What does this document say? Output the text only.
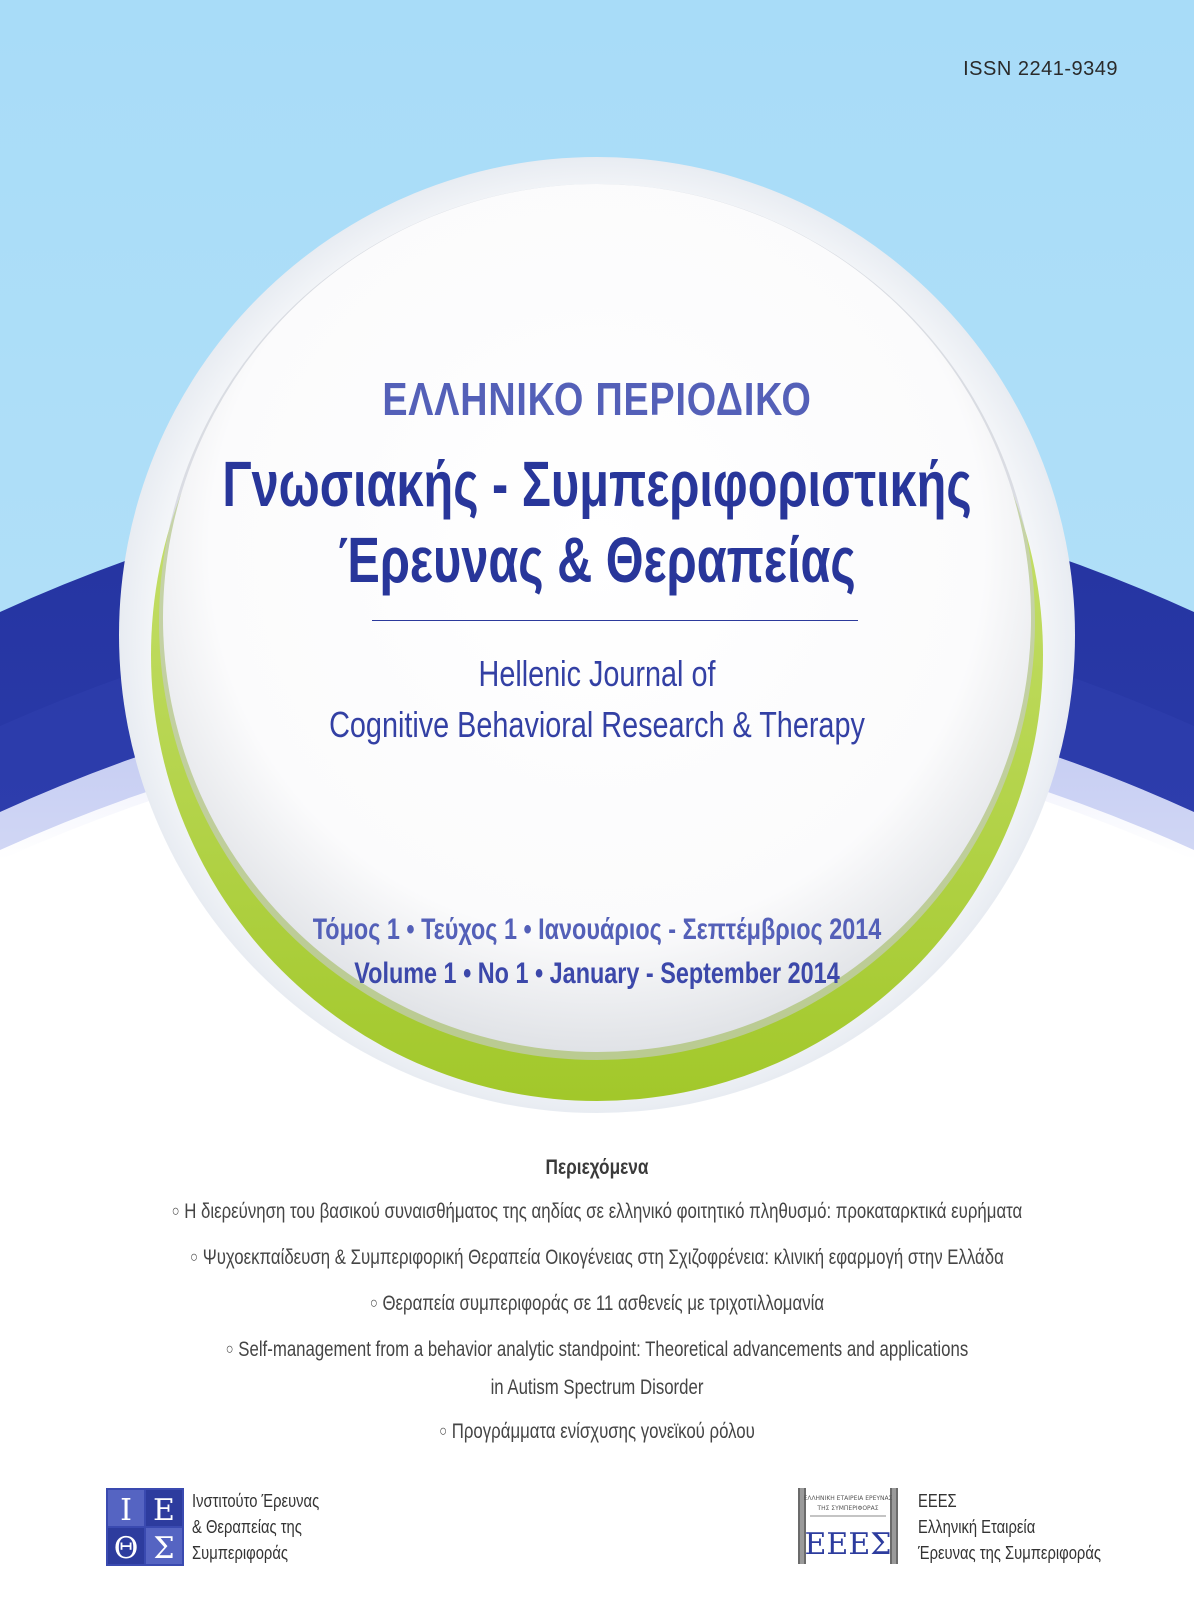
ISSN 2241-9349
ΕΛΛΗΝΙΚΟ ΠΕΡΙΟΔΙΚΟ
Γνωσιακής - Συμπεριφοριστικής
Έρευνας & Θεραπείας
Hellenic Journal of
Cognitive Behavioral Research & Therapy
Τόμος 1 • Τεύχος 1 • Ιανουάριος - Σεπτέμβριος 2014
Volume 1 • No 1 • January - September 2014
Περιεχόμενα
○ Η διερεύνηση του βασικού συναισθήματος της αηδίας σε ελληνικό φοιτητικό πληθυσμό: προκαταρκτικά ευρήματα
○ Ψυχοεκπαίδευση & Συμπεριφορική Θεραπεία Οικογένειας στη Σχιζοφρένεια: κλινική εφαρμογή στην Ελλάδα
○ Θεραπεία συμπεριφοράς σε 11 ασθενείς με τριχοτιλλομανία
○ Self-management from a behavior analytic standpoint: Theoretical advancements and applications
in Autism Spectrum Disorder
○ Προγράμματα ενίσχυσης γονεϊκού ρόλου
Ι Ε
Θ Σ
Ινστιτούτο Έρευνας
& Θεραπείας της
Συμπεριφοράς
ΕΛΛΗΝΙΚΗ ΕΤΑΙΡΕΙΑ ΕΡΕΥΝΑΣ
ΤΗΣ ΣΥΜΠΕΡΙΦΟΡΑΣ
ΕΕΕΣ
ΕΕΕΣ
Ελληνική Εταιρεία
Έρευνας της Συμπεριφοράς
